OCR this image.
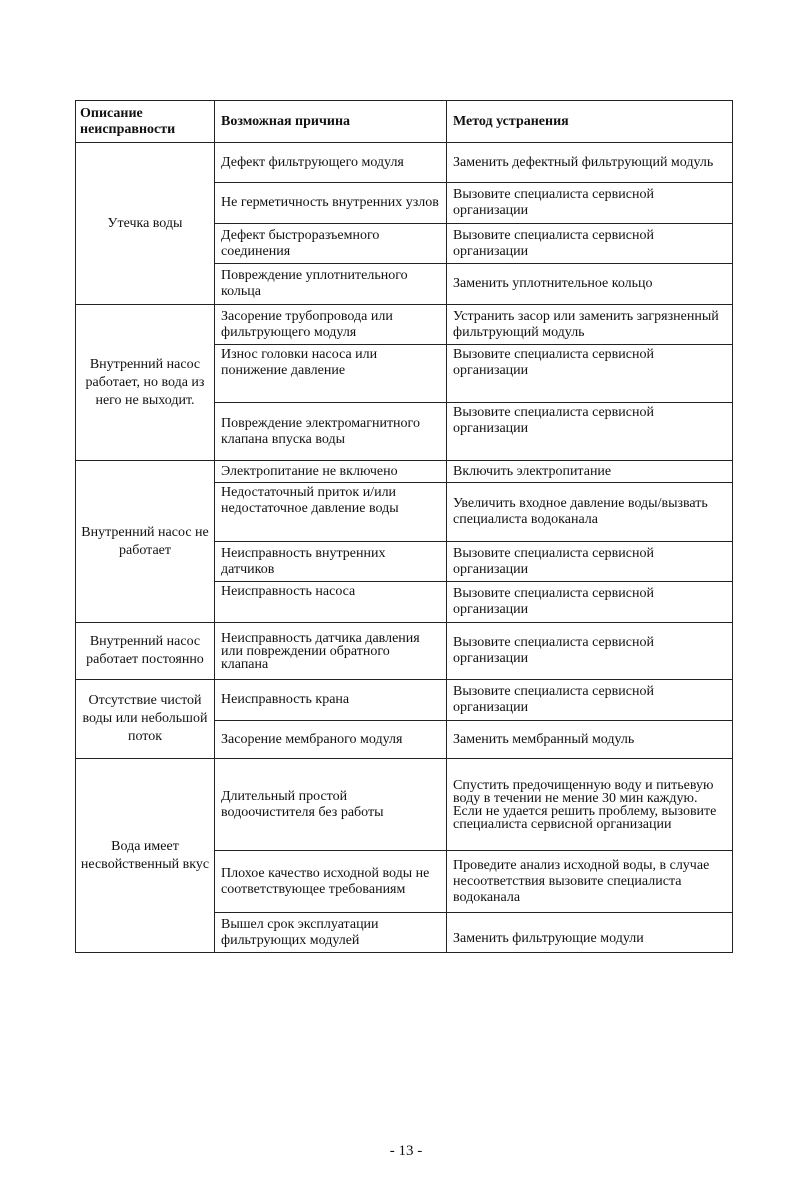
Описание неисправности	Возможная причина	Метод устранения
Утечка воды	Дефект фильтрующего модуля	Заменить дефектный фильтрующий модуль
	Не герметичность внутренних узлов	Вызовите специалиста сервисной организации
	Дефект быстроразъемного соединения	Вызовите специалиста сервисной организации
	Повреждение уплотнительного кольца	Заменить уплотнительное кольцо
Внутренний насос работает, но вода из него не выходит.	Засорение трубопровода или фильтрующего модуля	Устранить засор или заменить загрязненный фильтрующий модуль
	Износ головки насоса или понижение давление	Вызовите специалиста сервисной организации
	Повреждение электромагнитного клапана впуска воды	Вызовите специалиста сервисной организации
Внутренний насос не работает	Электропитание не включено	Включить электропитание
	Недостаточный приток и/или недостаточное давление воды	Увеличить входное давление воды/вызвать специалиста водоканала
	Неисправность внутренних датчиков	Вызовите специалиста сервисной организации
	Неисправность насоса	Вызовите специалиста сервисной организации
Внутренний насос работает постоянно	Неисправность датчика давления или повреждении обратного клапана	Вызовите специалиста сервисной организации
Отсутствие чистой воды или небольшой поток	Неисправность крана	Вызовите специалиста сервисной организации
	Засорение мембраного модуля	Заменить мембранный модуль
Вода имеет несвойственный вкус	Длительный простой водоочистителя без работы	Спустить предочищенную воду и питьевую воду в течении не мение 30 мин каждую. Если не удается решить проблему, вызовите специалиста сервисной организации
	Плохое качество исходной воды не соответствующее требованиям	Проведите анализ исходной воды, в случае несоответствия вызовите специалиста водоканала
	Вышел срок эксплуатации фильтрующих модулей	Заменить фильтрующие модули
- 13 -
